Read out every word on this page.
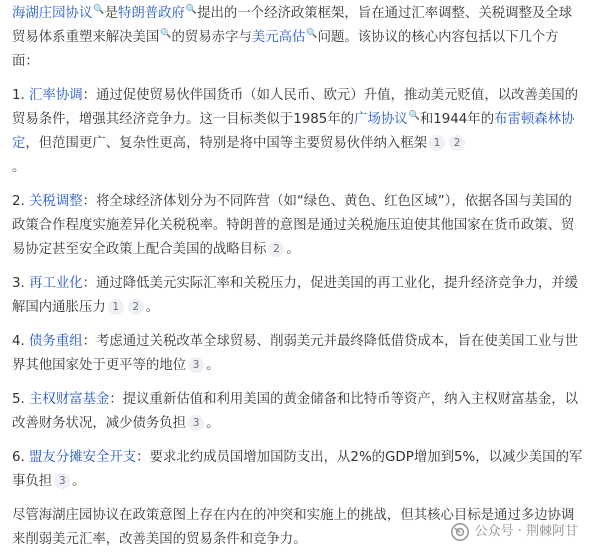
海湖庄园协议🔍是特朗普政府🔍提出的一个经济政策框架，旨在通过汇率调整、关税调整及全球贸易体系重塑来解决美国🔍的贸易赤字与美元高估🔍问题。该协议的核心内容包括以下几个方面：

1. 汇率协调：通过促使贸易伙伴国货币（如人民币、欧元）升值，推动美元贬值，以改善美国的贸易条件，增强其经济竞争力。这一目标类似于1985年的广场协议🔍和1944年的布雷顿森林协定，但范围更广、复杂性更高，特别是将中国等主要贸易伙伴纳入框架 1 2
。

2. 关税调整：将全球经济体划分为不同阵营（如“绿色、黄色、红色区域”），依据各国与美国的政策合作程度实施差异化关税税率。特朗普的意图是通过关税施压迫使其他国家在货币政策、贸易协定甚至安全政策上配合美国的战略目标 2 。

3. 再工业化：通过降低美元实际汇率和关税压力，促进美国的再工业化，提升经济竞争力，并缓解国内通胀压力 1 2 。

4. 债务重组：考虑通过关税改革全球贸易、削弱美元并最终降低借贷成本，旨在使美国工业与世界其他国家处于更平等的地位 3 。

5. 主权财富基金：提议重新估值和利用美国的黄金储备和比特币等资产，纳入主权财富基金，以改善财务状况，减少债务负担 3 。

6. 盟友分摊安全开支：要求北约成员国增加国防支出，从2%的GDP增加到5%，以减少美国的军事负担 3 。

尽管海湖庄园协议在政策意图上存在内在的冲突和实施上的挑战，但其核心目标是通过多边协调来削弱美元汇率，改善美国的贸易条件和竞争力。

公众号 · 荆棘阿甘
